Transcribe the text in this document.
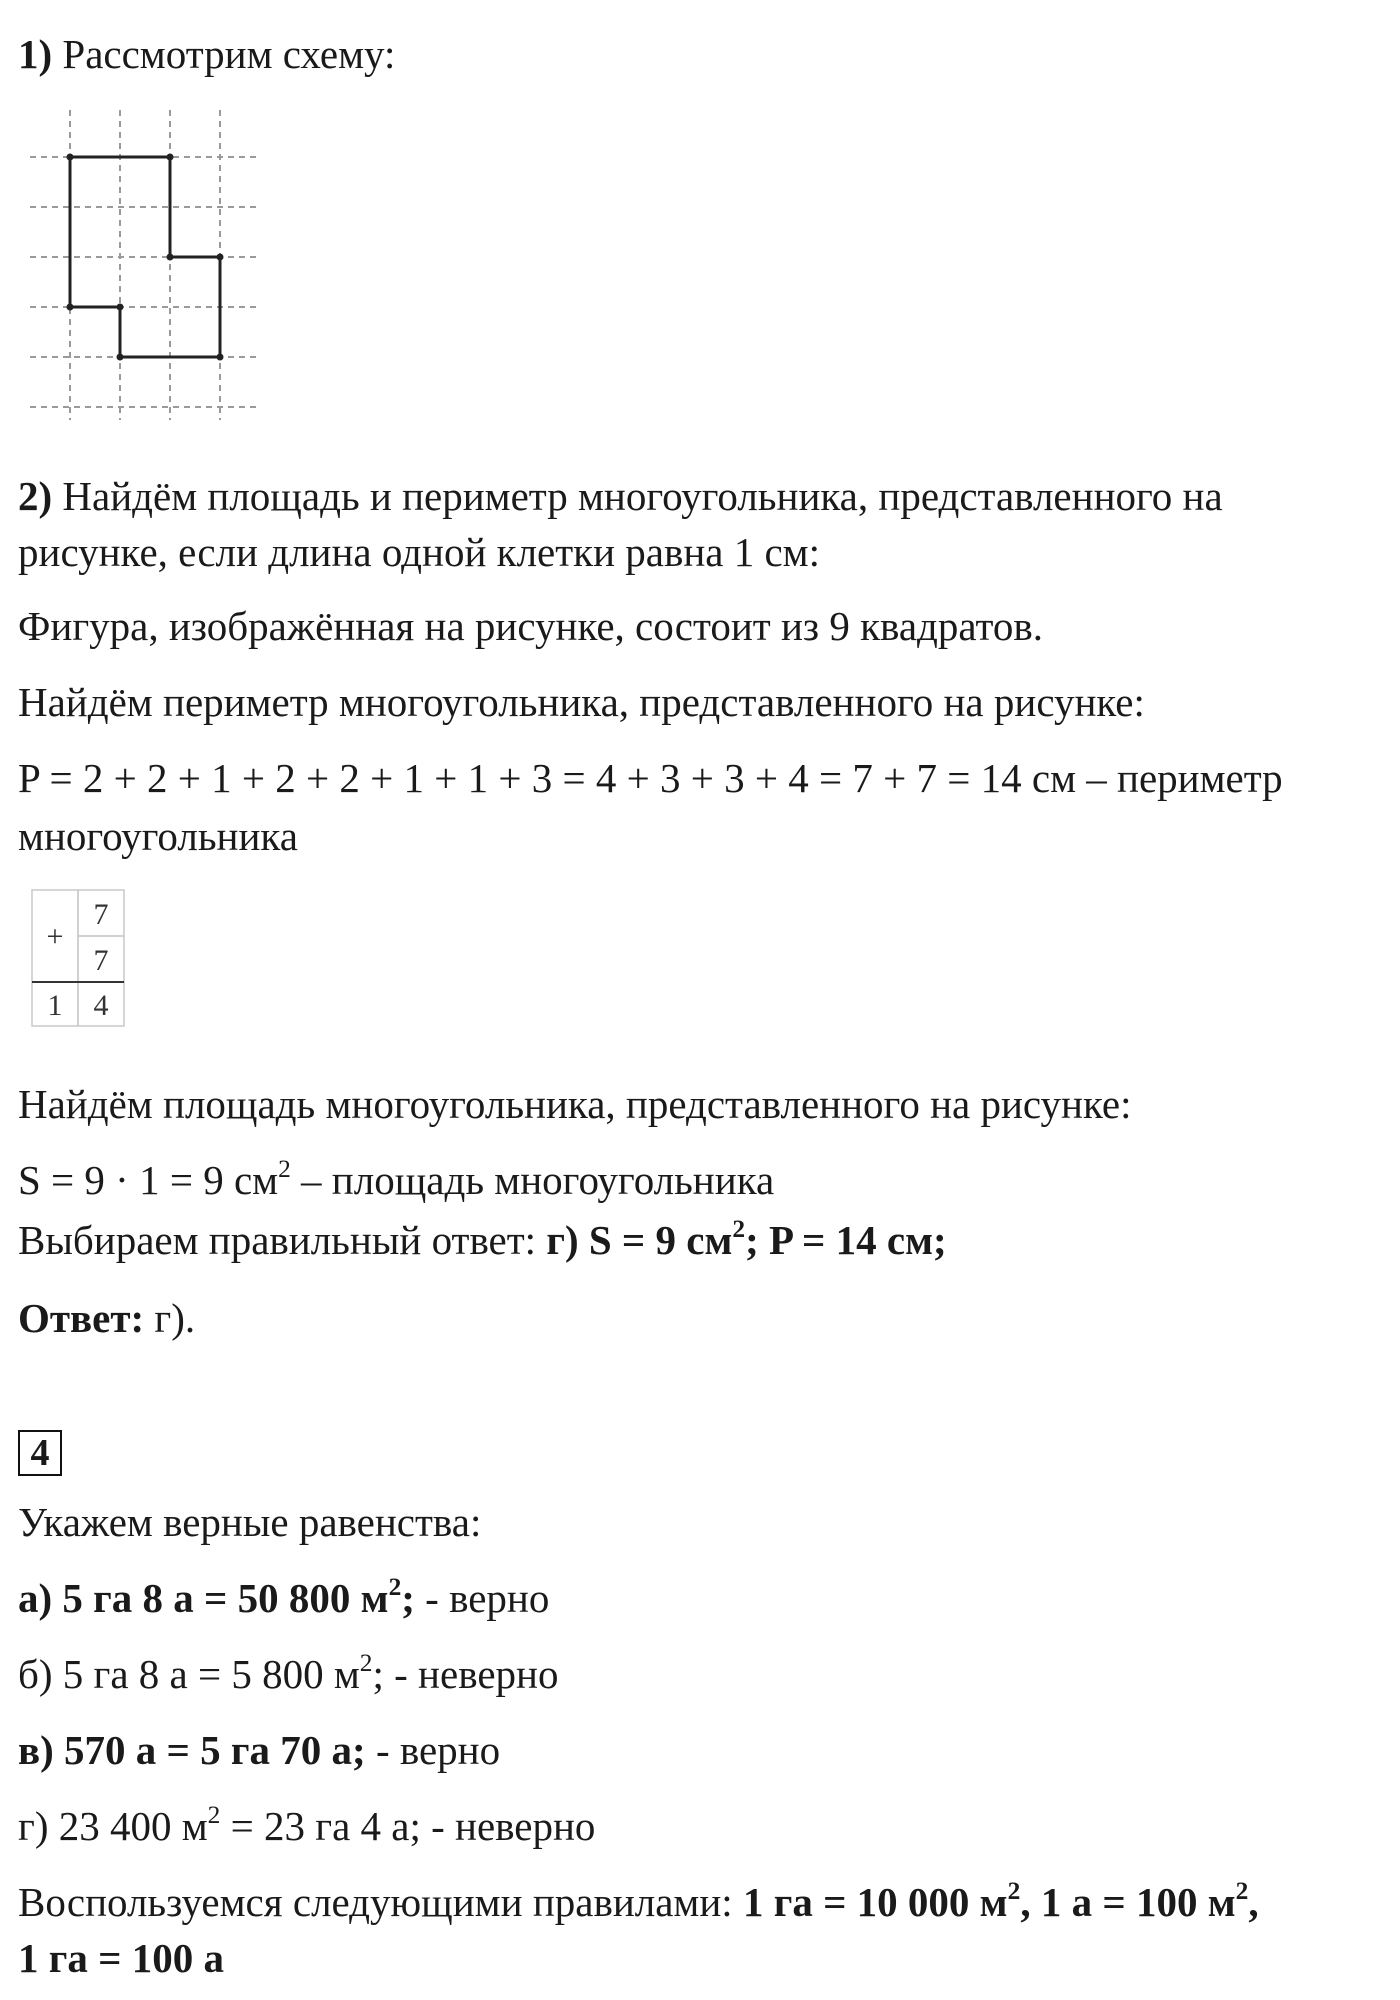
1) Рассмотрим схему:
2) Найдём площадь и периметр многоугольника, представленного на
рисунке, если длина одной клетки равна 1 см:
Фигура, изображённая на рисунке, состоит из 9 квадратов.
Найдём периметр многоугольника, представленного на рисунке:
P = 2 + 2 + 1 + 2 + 2 + 1 + 1 + 3 = 4 + 3 + 3 + 4 = 7 + 7 = 14 см – периметр
многоугольника
+
7
7
1 4
Найдём площадь многоугольника, представленного на рисунке:
S = 9 · 1 = 9 $см^2$ – площадь многоугольника
Выбираем правильный ответ: г) S = 9 $см^2$; P = 14 см;
Ответ: г).
4
Укажем верные равенства:
а) 5 га 8 а = 50 800 $м^2$; - верно
б) 5 га 8 а = 5 800 $м^2$; - неверно
в) 570 а = 5 га 70 а; - верно
г) 23 400 $м^2 = 23$ га 4 а; - неверно
Воспользуемся следующими правилами: 1 га = 10 000 $м^2$, 1 а = 100 $м^2$,
1 га = 100 а
